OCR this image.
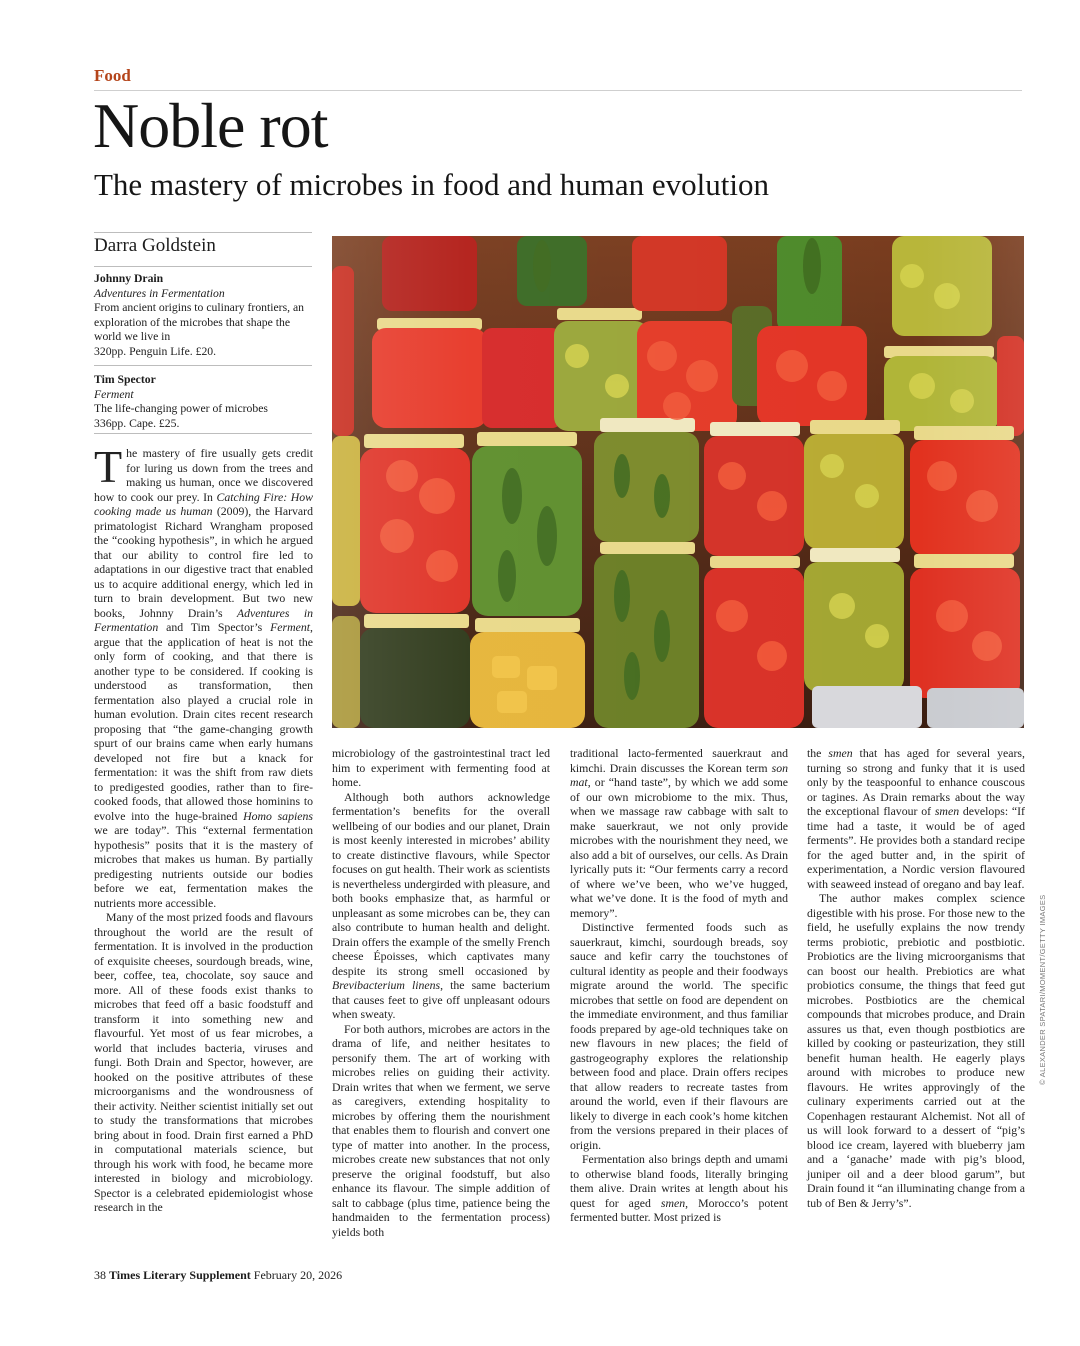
Food
Noble rot
The mastery of microbes in food and human evolution
Darra Goldstein
Johnny Drain
Adventures in Fermentation
From ancient origins to culinary frontiers, an exploration of the microbes that shape the world we live in
320pp. Penguin Life. £20.
Tim Spector
Ferment
The life-changing power of microbes
336pp. Cape. £25.

The mastery of fire usually gets credit for luring us down from the trees and making us human, once we discovered how to cook our prey. In Catching Fire: How cooking made us human (2009), the Harvard primatologist Richard Wrangham proposed the “cooking hypothesis”, in which he argued that our ability to control fire led to adaptations in our digestive tract that enabled us to acquire additional energy, which led in turn to brain development. But two new books, Johnny Drain’s Adventures in Fermentation and Tim Spector’s Ferment, argue that the application of heat is not the only form of cooking, and that there is another type to be considered. If cooking is understood as transformation, then fermentation also played a crucial role in human evolution. Drain cites recent research proposing that “the game-changing growth spurt of our brains came when early humans developed not fire but a knack for fermentation: it was the shift from raw diets to predigested goodies, rather than to fire-cooked foods, that allowed those hominins to evolve into the huge-brained Homo sapiens we are today”. This “external fermentation hypothesis” posits that it is the mastery of microbes that makes us human. By partially predigesting nutrients outside our bodies before we eat, fermentation makes the nutrients more accessible.

Many of the most prized foods and flavours throughout the world are the result of fermentation. It is involved in the production of exquisite cheeses, sourdough breads, wine, beer, coffee, tea, chocolate, soy sauce and more. All of these foods exist thanks to microbes that feed off a basic foodstuff and transform it into something new and flavourful. Yet most of us fear microbes, a world that includes bacteria, viruses and fungi. Both Drain and Spector, however, are hooked on the positive attributes of these microorganisms and the wondrousness of their activity. Neither scientist initially set out to study the transformations that microbes bring about in food. Drain first earned a PhD in computational materials science, but through his work with food, he became more interested in biology and microbiology. Spector is a celebrated epidemiologist whose research in the

© ALEXANDER SPATARI/MOMENT/GETTY IMAGES

microbiology of the gastrointestinal tract led him to experiment with fermenting food at home.

Although both authors acknowledge fermentation’s benefits for the overall wellbeing of our bodies and our planet, Drain is most keenly interested in microbes’ ability to create distinctive flavours, while Spector focuses on gut health. Their work as scientists is nevertheless undergirded with pleasure, and both books emphasize that, as harmful or unpleasant as some microbes can be, they can also contribute to human health and delight. Drain offers the example of the smelly French cheese Époisses, which captivates many despite its strong smell occasioned by Brevibacterium linens, the same bacterium that causes feet to give off unpleasant odours when sweaty.

For both authors, microbes are actors in the drama of life, and neither hesitates to personify them. The art of working with microbes relies on guiding their activity. Drain writes that when we ferment, we serve as caregivers, extending hospitality to microbes by offering them the nourishment that enables them to flourish and convert one type of matter into another. In the process, microbes create new substances that not only preserve the original foodstuff, but also enhance its flavour. The simple addition of salt to cabbage (plus time, patience being the handmaiden to the fermentation process) yields both

traditional lacto-fermented sauerkraut and kimchi. Drain discusses the Korean term son mat, or “hand taste”, by which we add some of our own microbiome to the mix. Thus, when we massage raw cabbage with salt to make sauerkraut, we not only provide microbes with the nourishment they need, we also add a bit of ourselves, our cells. As Drain lyrically puts it: “Our ferments carry a record of where we’ve been, who we’ve hugged, what we’ve done. It is the food of myth and memory”.

Distinctive fermented foods such as sauerkraut, kimchi, sourdough breads, soy sauce and kefir carry the touchstones of cultural identity as people and their foodways migrate around the world. The specific microbes that settle on food are dependent on the immediate environment, and thus familiar foods prepared by age-old techniques take on new flavours in new places; the field of gastrogeography explores the relationship between food and place. Drain offers recipes that allow readers to recreate tastes from around the world, even if their flavours are likely to diverge in each cook’s home kitchen from the versions prepared in their places of origin.

Fermentation also brings depth and umami to otherwise bland foods, literally bringing them alive. Drain writes at length about his quest for aged smen, Morocco’s potent fermented butter. Most prized is

the smen that has aged for several years, turning so strong and funky that it is used only by the teaspoonful to enhance couscous or tagines. As Drain remarks about the way the exceptional flavour of smen develops: “If time had a taste, it would be of aged ferments”. He provides both a standard recipe for the aged butter and, in the spirit of experimentation, a Nordic version flavoured with seaweed instead of oregano and bay leaf.

The author makes complex science digestible with his prose. For those new to the field, he usefully explains the now trendy terms probiotic, prebiotic and postbiotic. Probiotics are the living microorganisms that can boost our health. Prebiotics are what probiotics consume, the things that feed gut microbes. Postbiotics are the chemical compounds that microbes produce, and Drain assures us that, even though postbiotics are killed by cooking or pasteurization, they still benefit human health. He eagerly plays around with microbes to produce new flavours. He writes approvingly of the culinary experiments carried out at the Copenhagen restaurant Alchemist. Not all of us will look forward to a dessert of “pig’s blood ice cream, layered with blueberry jam and a ‘ganache’ made with pig’s blood, juniper oil and a deer blood garum”, but Drain found it “an illuminating change from a tub of Ben & Jerry’s”.

38 Times Literary Supplement February 20, 2026
